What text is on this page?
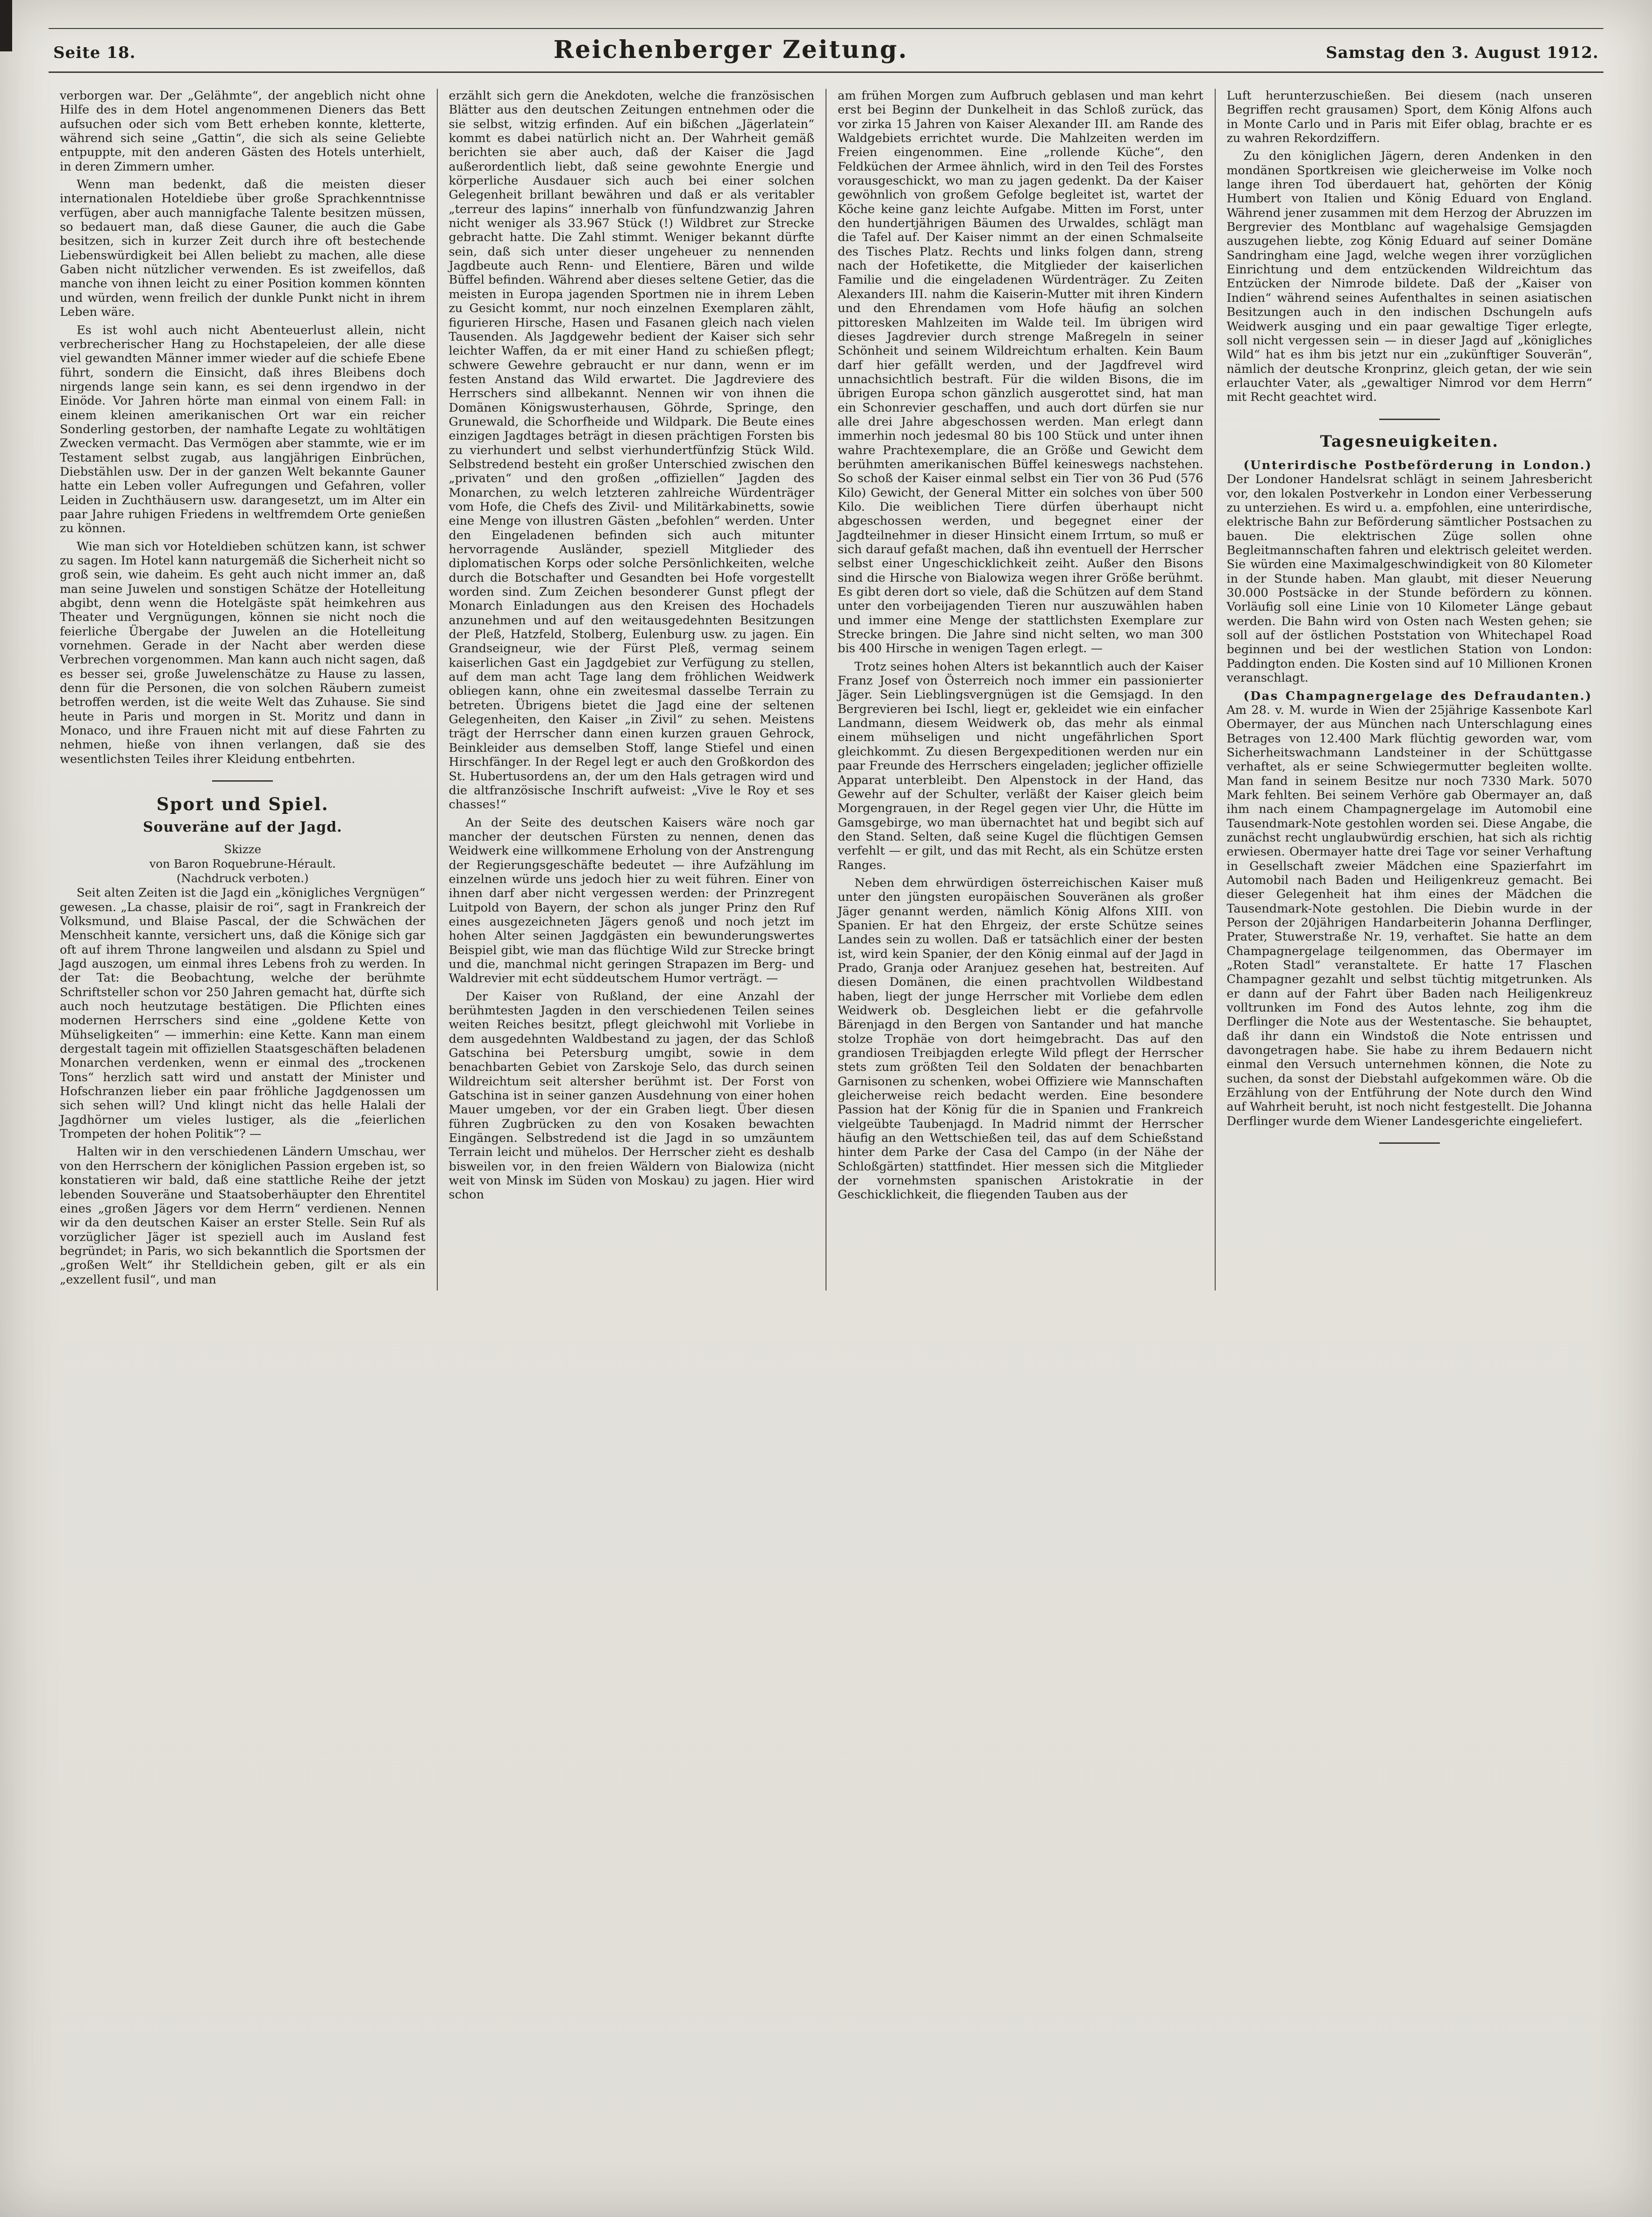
Seite 18.	Reichenberger Zeitung.	Samstag den 3. August 1912.

verborgen war. Der „Gelähmte“, der angeblich nicht ohne Hilfe des in dem Hotel angenommenen Dieners das Bett aufsuchen oder sich vom Bett erheben konnte, kletterte, während sich seine „Gattin“, die sich als seine Geliebte entpuppte, mit den anderen Gästen des Hotels unterhielt, in deren Zimmern umher.

Wenn man bedenkt, daß die meisten dieser internationalen Hoteldiebe über große Sprachkenntnisse verfügen, aber auch mannigfache Talente besitzen müssen, so bedauert man, daß diese Gauner, die auch die Gabe besitzen, sich in kurzer Zeit durch ihre oft bestechende Liebenswürdigkeit bei Allen beliebt zu machen, alle diese Gaben nicht nützlicher verwenden. Es ist zweifellos, daß manche von ihnen leicht zu einer Position kommen könnten und würden, wenn freilich der dunkle Punkt nicht in ihrem Leben wäre.

Es ist wohl auch nicht Abenteuerlust allein, nicht verbrecherischer Hang zu Hochstapeleien, der alle diese viel gewandten Männer immer wieder auf die schiefe Ebene führt, sondern die Einsicht, daß ihres Bleibens doch nirgends lange sein kann, es sei denn irgendwo in der Einöde. Vor Jahren hörte man einmal von einem Fall: in einem kleinen amerikanischen Ort war ein reicher Sonderling gestorben, der namhafte Legate zu wohltätigen Zwecken vermacht. Das Vermögen aber stammte, wie er im Testament selbst zugab, aus langjährigen Einbrüchen, Diebstählen usw. Der in der ganzen Welt bekannte Gauner hatte ein Leben voller Aufregungen und Gefahren, voller Leiden in Zuchthäusern usw. darangesetzt, um im Alter ein paar Jahre ruhigen Friedens in weltfremdem Orte genießen zu können.

Wie man sich vor Hoteldieben schützen kann, ist schwer zu sagen. Im Hotel kann naturgemäß die Sicherheit nicht so groß sein, wie daheim. Es geht auch nicht immer an, daß man seine Juwelen und sonstigen Schätze der Hotelleitung abgibt, denn wenn die Hotelgäste spät heimkehren aus Theater und Vergnügungen, können sie nicht noch die feierliche Übergabe der Juwelen an die Hotelleitung vornehmen. Gerade in der Nacht aber werden diese Verbrechen vorgenommen. Man kann auch nicht sagen, daß es besser sei, große Juwelenschätze zu Hause zu lassen, denn für die Personen, die von solchen Räubern zumeist betroffen werden, ist die weite Welt das Zuhause. Sie sind heute in Paris und morgen in St. Moritz und dann in Monaco, und ihre Frauen nicht mit auf diese Fahrten zu nehmen, hieße von ihnen verlangen, daß sie des wesentlichsten Teiles ihrer Kleidung entbehrten.

Sport und Spiel.
Souveräne auf der Jagd.
Skizze
von Baron Roquebrune-Hérault.
(Nachdruck verboten.)

Seit alten Zeiten ist die Jagd ein „königliches Vergnügen“ gewesen. „La chasse, plaisir de roi“, sagt in Frankreich der Volksmund, und Blaise Pascal, der die Schwächen der Menschheit kannte, versichert uns, daß die Könige sich gar oft auf ihrem Throne langweilen und alsdann zu Spiel und Jagd auszogen, um einmal ihres Lebens froh zu werden. In der Tat: die Beobachtung, welche der berühmte Schriftsteller schon vor 250 Jahren gemacht hat, dürfte sich auch noch heutzutage bestätigen. Die Pflichten eines modernen Herrschers sind eine „goldene Kette von Mühseligkeiten“ — immerhin: eine Kette. Kann man einem dergestalt tagein mit offiziellen Staatsgeschäften beladenen Monarchen verdenken, wenn er einmal des „trockenen Tons“ herzlich satt wird und anstatt der Minister und Hofschranzen lieber ein paar fröhliche Jagdgenossen um sich sehen will? Und klingt nicht das helle Halali der Jagdhörner um vieles lustiger, als die „feierlichen Trompeten der hohen Politik“? —

Halten wir in den verschiedenen Ländern Umschau, wer von den Herrschern der königlichen Passion ergeben ist, so konstatieren wir bald, daß eine stattliche Reihe der jetzt lebenden Souveräne und Staatsoberhäupter den Ehrentitel eines „großen Jägers vor dem Herrn“ verdienen. Nennen wir da den deutschen Kaiser an erster Stelle. Sein Ruf als vorzüglicher Jäger ist speziell auch im Ausland fest begründet; in Paris, wo sich bekanntlich die Sportsmen der „großen Welt“ ihr Stelldichein geben, gilt er als ein „exzellent fusil“, und man

erzählt sich gern die Anekdoten, welche die französischen Blätter aus den deutschen Zeitungen entnehmen oder die sie selbst, witzig erfinden. Auf ein bißchen „Jägerlatein“ kommt es dabei natürlich nicht an. Der Wahrheit gemäß berichten sie aber auch, daß der Kaiser die Jagd außerordentlich liebt, daß seine gewohnte Energie und körperliche Ausdauer sich auch bei einer solchen Gelegenheit brillant bewähren und daß er als veritabler „terreur des lapins“ innerhalb von fünfundzwanzig Jahren nicht weniger als 33.967 Stück (!) Wildbret zur Strecke gebracht hatte. Die Zahl stimmt. Weniger bekannt dürfte sein, daß sich unter dieser ungeheuer zu nennenden Jagdbeute auch Renn- und Elentiere, Bären und wilde Büffel befinden. Während aber dieses seltene Getier, das die meisten in Europa jagenden Sportmen nie in ihrem Leben zu Gesicht kommt, nur noch einzelnen Exemplaren zählt, figurieren Hirsche, Hasen und Fasanen gleich nach vielen Tausenden. Als Jagdgewehr bedient der Kaiser sich sehr leichter Waffen, da er mit einer Hand zu schießen pflegt; schwere Gewehre gebraucht er nur dann, wenn er im festen Anstand das Wild erwartet. Die Jagdreviere des Herrschers sind allbekannt. Nennen wir von ihnen die Domänen Königswusterhausen, Göhrde, Springe, den Grunewald, die Schorfheide und Wildpark. Die Beute eines einzigen Jagdtages beträgt in diesen prächtigen Forsten bis zu vierhundert und selbst vierhundertfünfzig Stück Wild. Selbstredend besteht ein großer Unterschied zwischen den „privaten“ und den großen „offiziellen“ Jagden des Monarchen, zu welch letzteren zahlreiche Würdenträger vom Hofe, die Chefs des Zivil- und Militärkabinetts, sowie eine Menge von illustren Gästen „befohlen“ werden. Unter den Eingeladenen befinden sich auch mitunter hervorragende Ausländer, speziell Mitglieder des diplomatischen Korps oder solche Persönlichkeiten, welche durch die Botschafter und Gesandten bei Hofe vorgestellt worden sind. Zum Zeichen besonderer Gunst pflegt der Monarch Einladungen aus den Kreisen des Hochadels anzunehmen und auf den weitausgedehnten Besitzungen der Pleß, Hatzfeld, Stolberg, Eulenburg usw. zu jagen. Ein Grandseigneur, wie der Fürst Pleß, vermag seinem kaiserlichen Gast ein Jagdgebiet zur Verfügung zu stellen, auf dem man acht Tage lang dem fröhlichen Weidwerk obliegen kann, ohne ein zweitesmal dasselbe Terrain zu betreten. Übrigens bietet die Jagd eine der seltenen Gelegenheiten, den Kaiser „in Zivil“ zu sehen. Meistens trägt der Herrscher dann einen kurzen grauen Gehrock, Beinkleider aus demselben Stoff, lange Stiefel und einen Hirschfänger. In der Regel legt er auch den Großkordon des St. Hubertusordens an, der um den Hals getragen wird und die altfranzösische Inschrift aufweist: „Vive le Roy et ses chasses!“

An der Seite des deutschen Kaisers wäre noch gar mancher der deutschen Fürsten zu nennen, denen das Weidwerk eine willkommene Erholung von der Anstrengung der Regierungsgeschäfte bedeutet — ihre Aufzählung im einzelnen würde uns jedoch hier zu weit führen. Einer von ihnen darf aber nicht vergessen werden: der Prinzregent Luitpold von Bayern, der schon als junger Prinz den Ruf eines ausgezeichneten Jägers genoß und noch jetzt im hohen Alter seinen Jagdgästen ein bewunderungswertes Beispiel gibt, wie man das flüchtige Wild zur Strecke bringt und die, manchmal nicht geringen Strapazen im Berg- und Waldrevier mit echt süddeutschem Humor verträgt. —

Der Kaiser von Rußland, der eine Anzahl der berühmtesten Jagden in den verschiedenen Teilen seines weiten Reiches besitzt, pflegt gleichwohl mit Vorliebe in dem ausgedehnten Waldbestand zu jagen, der das Schloß Gatschina bei Petersburg umgibt, sowie in dem benachbarten Gebiet von Zarskoje Selo, das durch seinen Wildreichtum seit altersher berühmt ist. Der Forst von Gatschina ist in seiner ganzen Ausdehnung von einer hohen Mauer umgeben, vor der ein Graben liegt. Über diesen führen Zugbrücken zu den von Kosaken bewachten Eingängen. Selbstredend ist die Jagd in so umzäuntem Terrain leicht und mühelos. Der Herrscher zieht es deshalb bisweilen vor, in den freien Wäldern von Bialowiza (nicht weit von Minsk im Süden von Moskau) zu jagen. Hier wird schon

am frühen Morgen zum Aufbruch geblasen und man kehrt erst bei Beginn der Dunkelheit in das Schloß zurück, das vor zirka 15 Jahren von Kaiser Alexander III. am Rande des Waldgebiets errichtet wurde. Die Mahlzeiten werden im Freien eingenommen. Eine „rollende Küche“, den Feldküchen der Armee ähnlich, wird in den Teil des Forstes vorausgeschickt, wo man zu jagen gedenkt. Da der Kaiser gewöhnlich von großem Gefolge begleitet ist, wartet der Köche keine ganz leichte Aufgabe. Mitten im Forst, unter den hundertjährigen Bäumen des Urwaldes, schlägt man die Tafel auf. Der Kaiser nimmt an der einen Schmalseite des Tisches Platz. Rechts und links folgen dann, streng nach der Hofetikette, die Mitglieder der kaiserlichen Familie und die eingeladenen Würdenträger. Zu Zeiten Alexanders III. nahm die Kaiserin-Mutter mit ihren Kindern und den Ehrendamen vom Hofe häufig an solchen pittoresken Mahlzeiten im Walde teil. Im übrigen wird dieses Jagdrevier durch strenge Maßregeln in seiner Schönheit und seinem Wildreichtum erhalten. Kein Baum darf hier gefällt werden, und der Jagdfrevel wird unnachsichtlich bestraft. Für die wilden Bisons, die im übrigen Europa schon gänzlich ausgerottet sind, hat man ein Schonrevier geschaffen, und auch dort dürfen sie nur alle drei Jahre abgeschossen werden. Man erlegt dann immerhin noch jedesmal 80 bis 100 Stück und unter ihnen wahre Prachtexemplare, die an Größe und Gewicht dem berühmten amerikanischen Büffel keineswegs nachstehen. So schoß der Kaiser einmal selbst ein Tier von 36 Pud (576 Kilo) Gewicht, der General Mitter ein solches von über 500 Kilo. Die weiblichen Tiere dürfen überhaupt nicht abgeschossen werden, und begegnet einer der Jagdteilnehmer in dieser Hinsicht einem Irrtum, so muß er sich darauf gefaßt machen, daß ihn eventuell der Herrscher selbst einer Ungeschicklichkeit zeiht. Außer den Bisons sind die Hirsche von Bialowiza wegen ihrer Größe berühmt. Es gibt deren dort so viele, daß die Schützen auf dem Stand unter den vorbeijagenden Tieren nur auszuwählen haben und immer eine Menge der stattlichsten Exemplare zur Strecke bringen. Die Jahre sind nicht selten, wo man 300 bis 400 Hirsche in wenigen Tagen erlegt. —

Trotz seines hohen Alters ist bekanntlich auch der Kaiser Franz Josef von Österreich noch immer ein passionierter Jäger. Sein Lieblingsvergnügen ist die Gemsjagd. In den Bergrevieren bei Ischl, liegt er, gekleidet wie ein einfacher Landmann, diesem Weidwerk ob, das mehr als einmal einem mühseligen und nicht ungefährlichen Sport gleichkommt. Zu diesen Bergexpeditionen werden nur ein paar Freunde des Herrschers eingeladen; jeglicher offizielle Apparat unterbleibt. Den Alpenstock in der Hand, das Gewehr auf der Schulter, verläßt der Kaiser gleich beim Morgengrauen, in der Regel gegen vier Uhr, die Hütte im Gamsgebirge, wo man übernachtet hat und begibt sich auf den Stand. Selten, daß seine Kugel die flüchtigen Gemsen verfehlt — er gilt, und das mit Recht, als ein Schütze ersten Ranges.

Neben dem ehrwürdigen österreichischen Kaiser muß unter den jüngsten europäischen Souveränen als großer Jäger genannt werden, nämlich König Alfons XIII. von Spanien. Er hat den Ehrgeiz, der erste Schütze seines Landes sein zu wollen. Daß er tatsächlich einer der besten ist, wird kein Spanier, der den König einmal auf der Jagd in Prado, Granja oder Aranjuez gesehen hat, bestreiten. Auf diesen Domänen, die einen prachtvollen Wildbestand haben, liegt der junge Herrscher mit Vorliebe dem edlen Weidwerk ob. Desgleichen liebt er die gefahrvolle Bärenjagd in den Bergen von Santander und hat manche stolze Trophäe von dort heimgebracht. Das auf den grandiosen Treibjagden erlegte Wild pflegt der Herrscher stets zum größten Teil den Soldaten der benachbarten Garnisonen zu schenken, wobei Offiziere wie Mannschaften gleicherweise reich bedacht werden. Eine besondere Passion hat der König für die in Spanien und Frankreich vielgeübte Taubenjagd. In Madrid nimmt der Herrscher häufig an den Wettschießen teil, das auf dem Schießstand hinter dem Parke der Casa del Campo (in der Nähe der Schloßgärten) stattfindet. Hier messen sich die Mitglieder der vornehmsten spanischen Aristokratie in der Geschicklichkeit, die fliegenden Tauben aus der

Luft herunterzuschießen. Bei diesem (nach unseren Begriffen recht grausamen) Sport, dem König Alfons auch in Monte Carlo und in Paris mit Eifer oblag, brachte er es zu wahren Rekordziffern.

Zu den königlichen Jägern, deren Andenken in den mondänen Sportkreisen wie gleicherweise im Volke noch lange ihren Tod überdauert hat, gehörten der König Humbert von Italien und König Eduard von England. Während jener zusammen mit dem Herzog der Abruzzen im Bergrevier des Montblanc auf wagehalsige Gemsjagden auszugehen liebte, zog König Eduard auf seiner Domäne Sandringham eine Jagd, welche wegen ihrer vorzüglichen Einrichtung und dem entzückenden Wildreichtum das Entzücken der Nimrode bildete. Daß der „Kaiser von Indien“ während seines Aufenthaltes in seinen asiatischen Besitzungen auch in den indischen Dschungeln aufs Weidwerk ausging und ein paar gewaltige Tiger erlegte, soll nicht vergessen sein — in dieser Jagd auf „königliches Wild“ hat es ihm bis jetzt nur ein „zukünftiger Souverän“, nämlich der deutsche Kronprinz, gleich getan, der wie sein erlauchter Vater, als „gewaltiger Nimrod vor dem Herrn“ mit Recht geachtet wird.

Tagesneuigkeiten.

(Unterirdische Postbeförderung in London.) Der Londoner Handelsrat schlägt in seinem Jahresbericht vor, den lokalen Postverkehr in London einer Verbesserung zu unterziehen. Es wird u. a. empfohlen, eine unterirdische, elektrische Bahn zur Beförderung sämtlicher Postsachen zu bauen. Die elektrischen Züge sollen ohne Begleitmannschaften fahren und elektrisch geleitet werden. Sie würden eine Maximalgeschwindigkeit von 80 Kilometer in der Stunde haben. Man glaubt, mit dieser Neuerung 30.000 Postsäcke in der Stunde befördern zu können. Vorläufig soll eine Linie von 10 Kilometer Länge gebaut werden. Die Bahn wird von Osten nach Westen gehen; sie soll auf der östlichen Poststation von Whitechapel Road beginnen und bei der westlichen Station von London: Paddington enden. Die Kosten sind auf 10 Millionen Kronen veranschlagt.

(Das Champagnergelage des Defraudanten.) Am 28. v. M. wurde in Wien der 25jährige Kassenbote Karl Obermayer, der aus München nach Unterschlagung eines Betrages von 12.400 Mark flüchtig geworden war, vom Sicherheitswachmann Landsteiner in der Schüttgasse verhaftet, als er seine Schwiegermutter begleiten wollte. Man fand in seinem Besitze nur noch 7330 Mark. 5070 Mark fehlten. Bei seinem Verhöre gab Obermayer an, daß ihm nach einem Champagnergelage im Automobil eine Tausendmark-Note gestohlen worden sei. Diese Angabe, die zunächst recht unglaubwürdig erschien, hat sich als richtig erwiesen. Obermayer hatte drei Tage vor seiner Verhaftung in Gesellschaft zweier Mädchen eine Spazierfahrt im Automobil nach Baden und Heiligenkreuz gemacht. Bei dieser Gelegenheit hat ihm eines der Mädchen die Tausendmark-Note gestohlen. Die Diebin wurde in der Person der 20jährigen Handarbeiterin Johanna Derflinger, Prater, Stuwerstraße Nr. 19, verhaftet. Sie hatte an dem Champagnergelage teilgenommen, das Obermayer im „Roten Stadl“ veranstaltete. Er hatte 17 Flaschen Champagner gezahlt und selbst tüchtig mitgetrunken. Als er dann auf der Fahrt über Baden nach Heiligenkreuz volltrunken im Fond des Autos lehnte, zog ihm die Derflinger die Note aus der Westentasche. Sie behauptet, daß ihr dann ein Windstoß die Note entrissen und davongetragen habe. Sie habe zu ihrem Bedauern nicht einmal den Versuch unternehmen können, die Note zu suchen, da sonst der Diebstahl aufgekommen wäre. Ob die Erzählung von der Entführung der Note durch den Wind auf Wahrheit beruht, ist noch nicht festgestellt. Die Johanna Derflinger wurde dem Wiener Landesgerichte eingeliefert.
